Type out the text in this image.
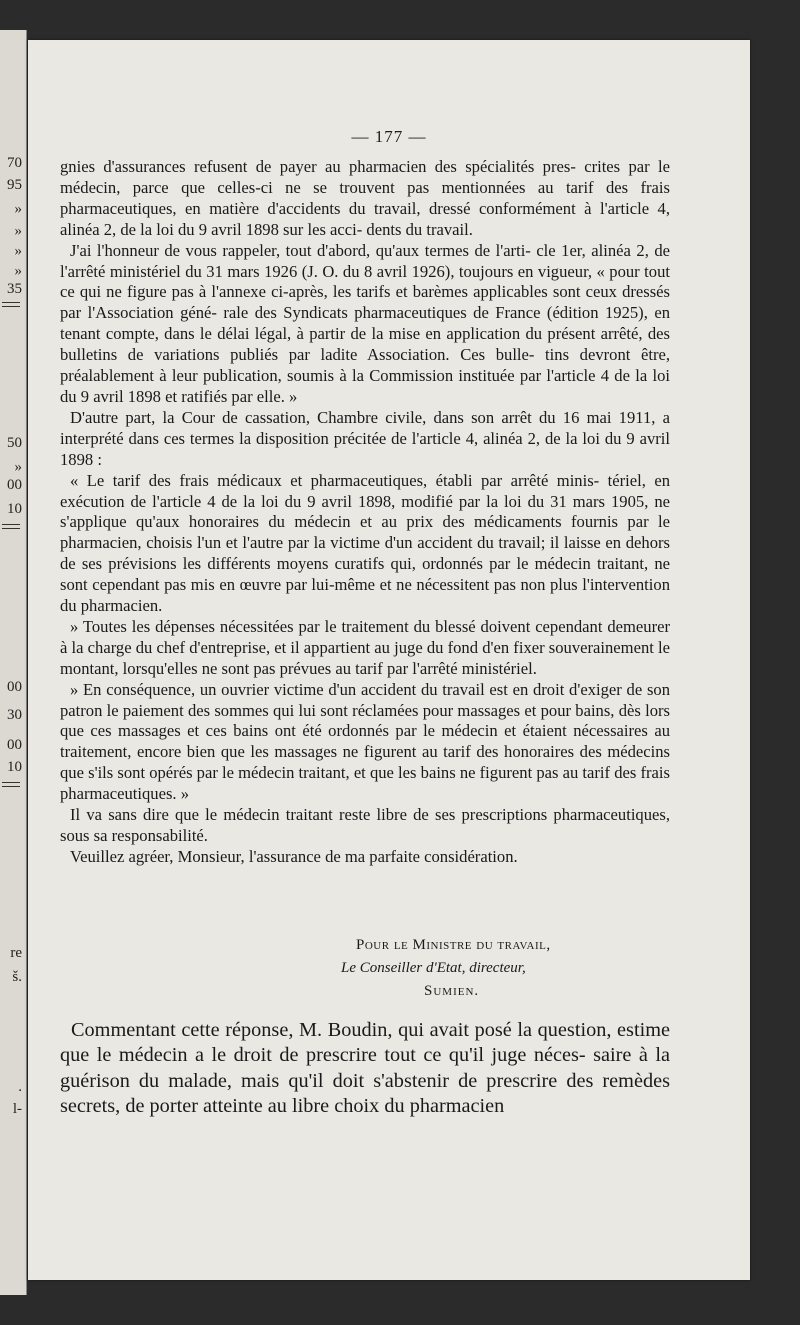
70
95
»
»
»
»
35
50
»
00
10
00
30
00
10
re
š.
.
l-
— 177 —

gnies d'assurances refusent de payer au pharmacien des spécialités pres- crites par le médecin, parce que celles-ci ne se trouvent pas mentionnées au tarif des frais pharmaceutiques, en matière d'accidents du travail, dressé conformément à l'article 4, alinéa 2, de la loi du 9 avril 1898 sur les acci- dents du travail.

J'ai l'honneur de vous rappeler, tout d'abord, qu'aux termes de l'arti- cle 1er, alinéa 2, de l'arrêté ministériel du 31 mars 1926 (J. O. du 8 avril 1926), toujours en vigueur, « pour tout ce qui ne figure pas à l'annexe ci-après, les tarifs et barèmes applicables sont ceux dressés par l'Association géné- rale des Syndicats pharmaceutiques de France (édition 1925), en tenant compte, dans le délai légal, à partir de la mise en application du présent arrêté, des bulletins de variations publiés par ladite Association. Ces bulle- tins devront être, préalablement à leur publication, soumis à la Commission instituée par l'article 4 de la loi du 9 avril 1898 et ratifiés par elle. »

D'autre part, la Cour de cassation, Chambre civile, dans son arrêt du 16 mai 1911, a interprété dans ces termes la disposition précitée de l'article 4, alinéa 2, de la loi du 9 avril 1898 :

« Le tarif des frais médicaux et pharmaceutiques, établi par arrêté minis- tériel, en exécution de l'article 4 de la loi du 9 avril 1898, modifié par la loi du 31 mars 1905, ne s'applique qu'aux honoraires du médecin et au prix des médicaments fournis par le pharmacien, choisis l'un et l'autre par la victime d'un accident du travail; il laisse en dehors de ses prévisions les différents moyens curatifs qui, ordonnés par le médecin traitant, ne sont cependant pas mis en œuvre par lui-même et ne nécessitent pas non plus l'intervention du pharmacien.

» Toutes les dépenses nécessitées par le traitement du blessé doivent cependant demeurer à la charge du chef d'entreprise, et il appartient au juge du fond d'en fixer souverainement le montant, lorsqu'elles ne sont pas prévues au tarif par l'arrêté ministériel.

» En conséquence, un ouvrier victime d'un accident du travail est en droit d'exiger de son patron le paiement des sommes qui lui sont réclamées pour massages et pour bains, dès lors que ces massages et ces bains ont été ordonnés par le médecin et étaient nécessaires au traitement, encore bien que les massages ne figurent au tarif des honoraires des médecins que s'ils sont opérés par le médecin traitant, et que les bains ne figurent pas au tarif des frais pharmaceutiques. »

Il va sans dire que le médecin traitant reste libre de ses prescriptions pharmaceutiques, sous sa responsabilité.

Veuillez agréer, Monsieur, l'assurance de ma parfaite considération.

Pour le Ministre du travail,
Le Conseiller d'Etat, directeur,
Sumien.

Commentant cette réponse, M. Boudin, qui avait posé la question, estime que le médecin a le droit de prescrire tout ce qu'il juge néces- saire à la guérison du malade, mais qu'il doit s'abstenir de prescrire des remèdes secrets, de porter atteinte au libre choix du pharmacien
